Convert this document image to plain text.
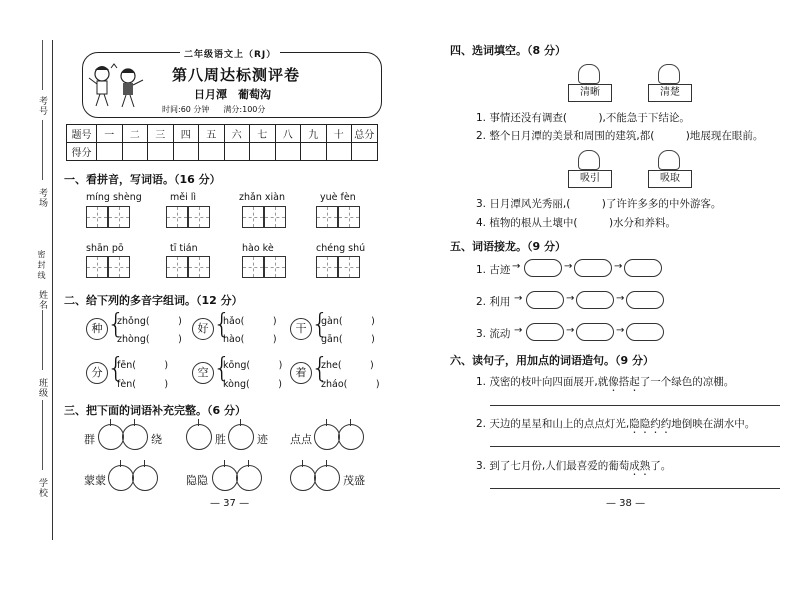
考号
考场
密 封 线
姓名
班级
学校
二年级语文上（RJ）
第八周达标测评卷
日月潭　葡萄沟
时间:60 分钟 满分:100分
题号	一	二	三	四	五	六	七	八	九	十	总分
得分											
一、看拼音，写词语。（16 分）
míng shèng	měi lì	zhǎn xiàn	yuè fèn
shān pō	tī tián	hào kè	chéng shú
二、给下列的多音字组词。（12 分）
种 {
zhǒng(　　　)
zhòng(　　　)
好 {
hǎo(　　　)
hào(　　　)
干 {
gàn(　　　)
gān(　　　)
分 {
fēn(　　　)
fèn(　　　)
空 {
kōng(　　　)
kòng(　　　)
着 {
zhe(　　　)
zháo(　　　)
三、把下面的词语补充完整。（6 分）
群	绕	胜	迹 点点
蒙蒙	隐隐	茂盛
— 37 —
四、选词填空。（8 分）
清晰	清楚
1. 事情还没有调查(　　　),不能急于下结论。
2. 整个日月潭的美景和周围的建筑,都(　　　)地展现在眼前。
吸引	吸取
3. 日月潭风光秀丽,(　　　)了许许多多的中外游客。
4. 植物的根从土壤中(　　　)水分和养料。
五、词语接龙。（9 分）
1. 古迹 →	→	→
2. 利用 →	→	→
3. 流动 →	→	→
六、读句子，用加点的词语造句。（9 分）
1. 茂密的枝叶向四面展开,就像搭起了一个绿色的凉棚。
2. 天边的星星和山上的点点灯光,隐隐约约地倒映在湖水中。
3. 到了七月份,人们最喜爱的葡萄成熟了。
— 38 —
